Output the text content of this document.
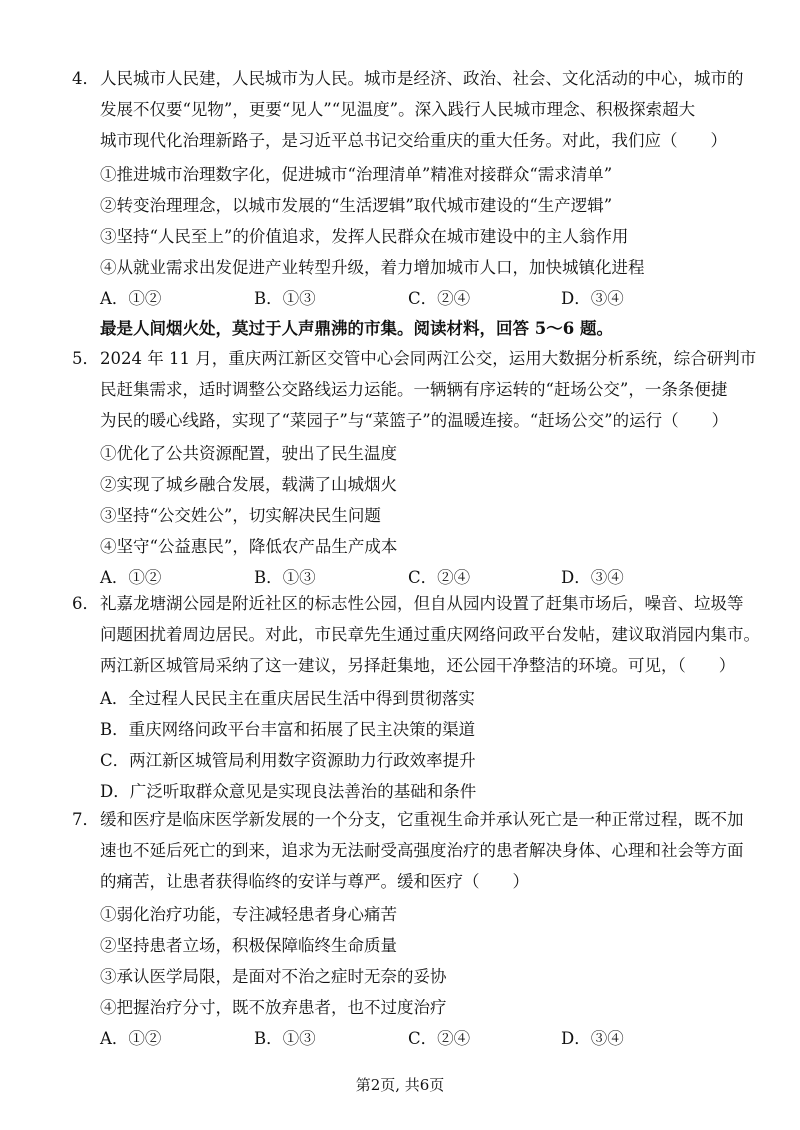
4． 人民城市人民建，人民城市为人民。城市是经济、政治、社会、文化活动的中心，城市的
发展不仅要“见物”，更要“见人”“见温度”。深入践行人民城市理念、积极探索超大
城市现代化治理新路子，是习近平总书记交给重庆的重大任务。对此，我们应（　　）
①推进城市治理数字化，促进城市“治理清单”精准对接群众“需求清单”
②转变治理理念，以城市发展的“生活逻辑”取代城市建设的“生产逻辑”
③坚持“人民至上”的价值追求，发挥人民群众在城市建设中的主人翁作用
④从就业需求出发促进产业转型升级，着力增加城市人口，加快城镇化进程
A．①②	B．①③	C．②④	D．③④
最是人间烟火处，莫过于人声鼎沸的市集。阅读材料，回答 5～6 题。
5． 2024 年 11 月，重庆两江新区交管中心会同两江公交，运用大数据分析系统，综合研判市
民赶集需求，适时调整公交路线运力运能。一辆辆有序运转的“赶场公交”，一条条便捷
为民的暖心线路，实现了“菜园子”与“菜篮子”的温暖连接。“赶场公交”的运行（　　）
①优化了公共资源配置，驶出了民生温度
②实现了城乡融合发展，载满了山城烟火
③坚持“公交姓公”，切实解决民生问题
④坚守“公益惠民”，降低农产品生产成本
A．①②	B．①③	C．②④	D．③④
6． 礼嘉龙塘湖公园是附近社区的标志性公园，但自从园内设置了赶集市场后，噪音、垃圾等
问题困扰着周边居民。对此，市民章先生通过重庆网络问政平台发帖，建议取消园内集市。
两江新区城管局采纳了这一建议，另择赶集地，还公园干净整洁的环境。可见，（　　）
A．全过程人民民主在重庆居民生活中得到贯彻落实
B．重庆网络问政平台丰富和拓展了民主决策的渠道
C．两江新区城管局利用数字资源助力行政效率提升
D．广泛听取群众意见是实现良法善治的基础和条件
7． 缓和医疗是临床医学新发展的一个分支，它重视生命并承认死亡是一种正常过程，既不加
速也不延后死亡的到来，追求为无法耐受高强度治疗的患者解决身体、心理和社会等方面
的痛苦，让患者获得临终的安详与尊严。缓和医疗（　　）
①弱化治疗功能，专注减轻患者身心痛苦
②坚持患者立场，积极保障临终生命质量
③承认医学局限，是面对不治之症时无奈的妥协
④把握治疗分寸，既不放弃患者，也不过度治疗
A．①②	B．①③	C．②④	D．③④
第2页, 共6页
